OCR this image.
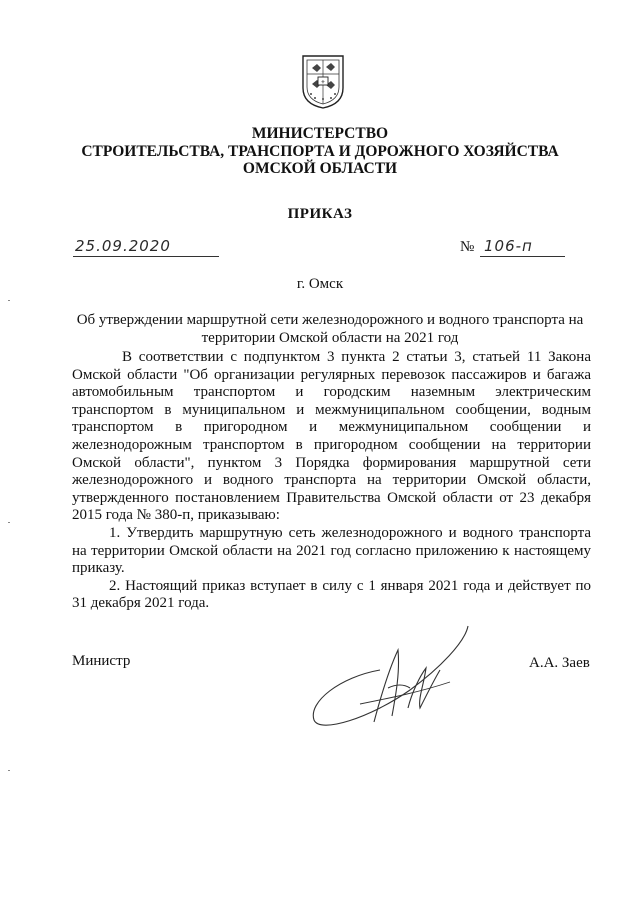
⚜
МИНИСТЕРСТВО
СТРОИТЕЛЬСТВА, ТРАНСПОРТА И ДОРОЖНОГО ХОЗЯЙСТВА
ОМСКОЙ ОБЛАСТИ
ПРИКАЗ
25.09.2020	№ 106-п
г. Омск
Об утверждении маршрутной сети железнодорожного и водного транспорта на территории Омской области на 2021 год

В соответствии с подпунктом 3 пункта 2 статьи 3, статьей 11 Закона Омской области "Об организации регулярных перевозок пассажиров и багажа автомобильным транспортом и городским наземным электрическим транспортом в муниципальном и межмуниципальном сообщении, водным транспортом в пригородном и межмуниципальном сообщении и железнодорожным транспортом в пригородном сообщении на территории Омской области", пунктом 3 Порядка формирования маршрутной сети железнодорожного и водного транспорта на территории Омской области, утвержденного постановлением Правительства Омской области от 23 декабря 2015 года № 380-п, приказываю:

1. Утвердить маршрутную сеть железнодорожного и водного транспорта на территории Омской области на 2021 год согласно приложению к настоящему приказу.

2. Настоящий приказ вступает в силу с 1 января 2021 года и действует по 31 декабря 2021 года.

Министр	А.А. Заев
